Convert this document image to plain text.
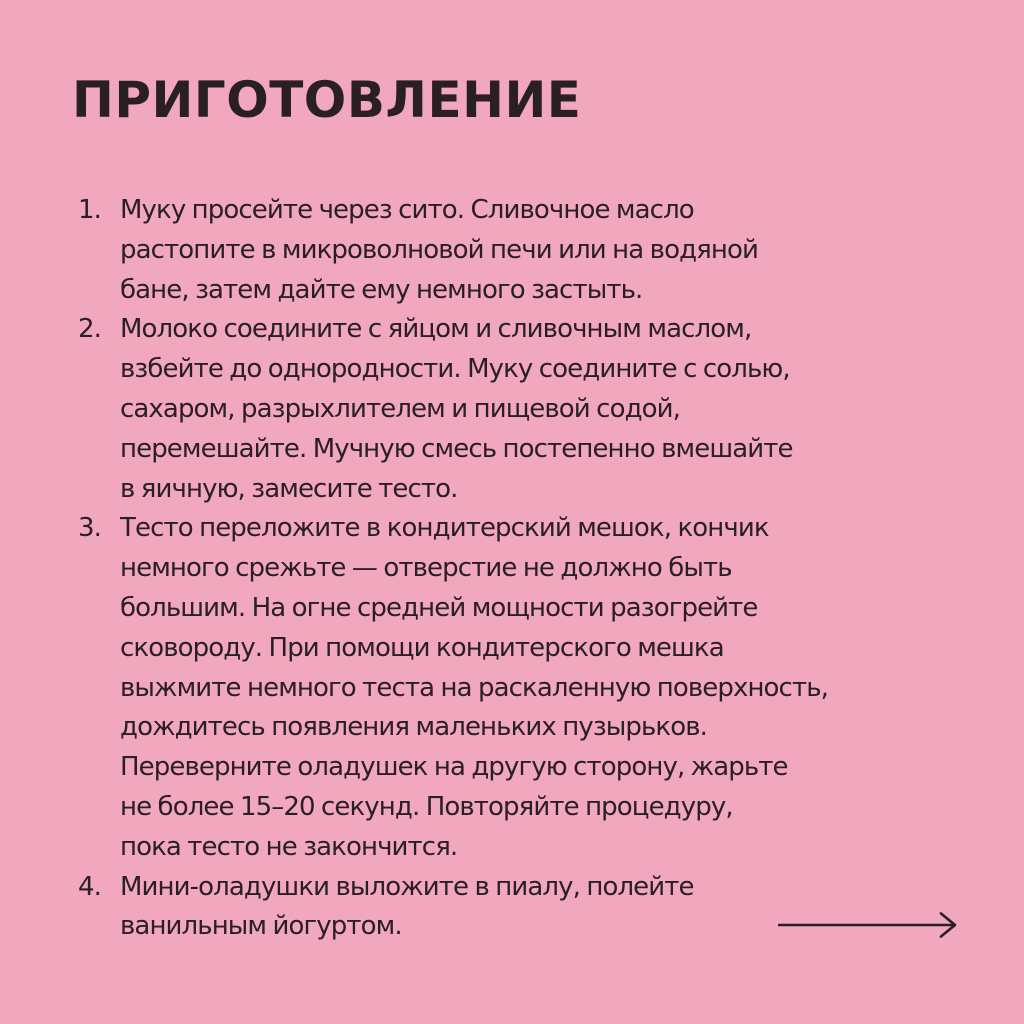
ПРИГОТОВЛЕНИЕ
1. Муку просейте через сито. Сливочное масло
растопите в микроволновой печи или на водяной
бане, затем дайте ему немного застыть.
2. Молоко соедините с яйцом и сливочным маслом,
взбейте до однородности. Муку соедините с солью,
сахаром, разрыхлителем и пищевой содой,
перемешайте. Мучную смесь постепенно вмешайте
в яичную, замесите тесто.
3. Тесто переложите в кондитерский мешок, кончик
немного срежьте — отверстие не должно быть
большим. На огне средней мощности разогрейте
сковороду. При помощи кондитерского мешка
выжмите немного теста на раскаленную поверхность,
дождитесь появления маленьких пузырьков.
Переверните оладушек на другую сторону, жарьте
не более 15–20 секунд. Повторяйте процедуру,
пока тесто не закончится.
4. Мини-оладушки выложите в пиалу, полейте
ванильным йогуртом.
